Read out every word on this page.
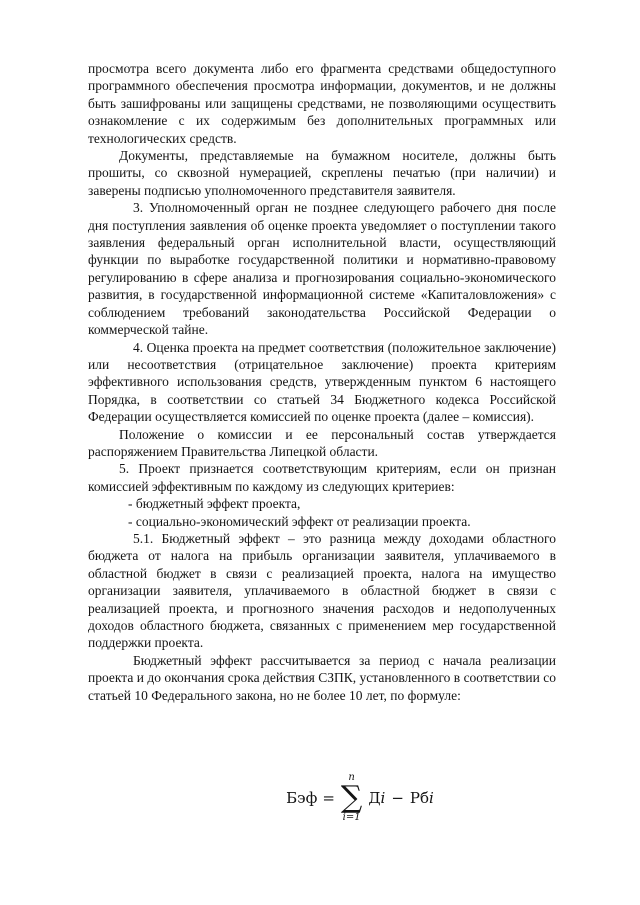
просмотра всего документа либо его фрагмента средствами общедоступного программного обеспечения просмотра информации, документов, и не должны быть зашифрованы или защищены средствами, не позволяющими осуществить ознакомление с их содержимым без дополнительных программных или технологических средств.

Документы, представляемые на бумажном носителе, должны быть прошиты, со сквозной нумерацией, скреплены печатью (при наличии) и заверены подписью уполномоченного представителя заявителя.

3. Уполномоченный орган не позднее следующего рабочего дня после дня поступления заявления об оценке проекта уведомляет о поступлении такого заявления федеральный орган исполнительной власти, осуществляющий функции по выработке государственной политики и нормативно-правовому регулированию в сфере анализа и прогнозирования социально-экономического развития, в государственной информационной системе «Капиталовложения» с соблюдением требований законодательства Российской Федерации о коммерческой тайне.

4. Оценка проекта на предмет соответствия (положительное заключение) или несоответствия (отрицательное заключение) проекта критериям эффективного использования средств, утвержденным пунктом 6 настоящего Порядка, в соответствии со статьей 34 Бюджетного кодекса Российской Федерации осуществляется комиссией по оценке проекта (далее – комиссия).

Положение о комиссии и ее персональный состав утверждается распоряжением Правительства Липецкой области.

5. Проект признается соответствующим критериям, если он признан комиссией эффективным по каждому из следующих критериев:

- бюджетный эффект проекта,

- социально-экономический эффект от реализации проекта.

5.1. Бюджетный эффект – это разница между доходами областного бюджета от налога на прибыль организации заявителя, уплачиваемого в областной бюджет в связи с реализацией проекта, налога на имущество организации заявителя, уплачиваемого в областной бюджет в связи с реализацией проекта, и прогнозного значения расходов и недополученных доходов областного бюджета, связанных с применением мер государственной поддержки проекта.

Бюджетный эффект рассчитывается за период с начала реализации проекта и до окончания срока действия СЗПК, установленного в соответствии со статьей 10 Федерального закона, но не более 10 лет, по формуле:

Бэф =
n
∑
i=1
Дi − Рбi
